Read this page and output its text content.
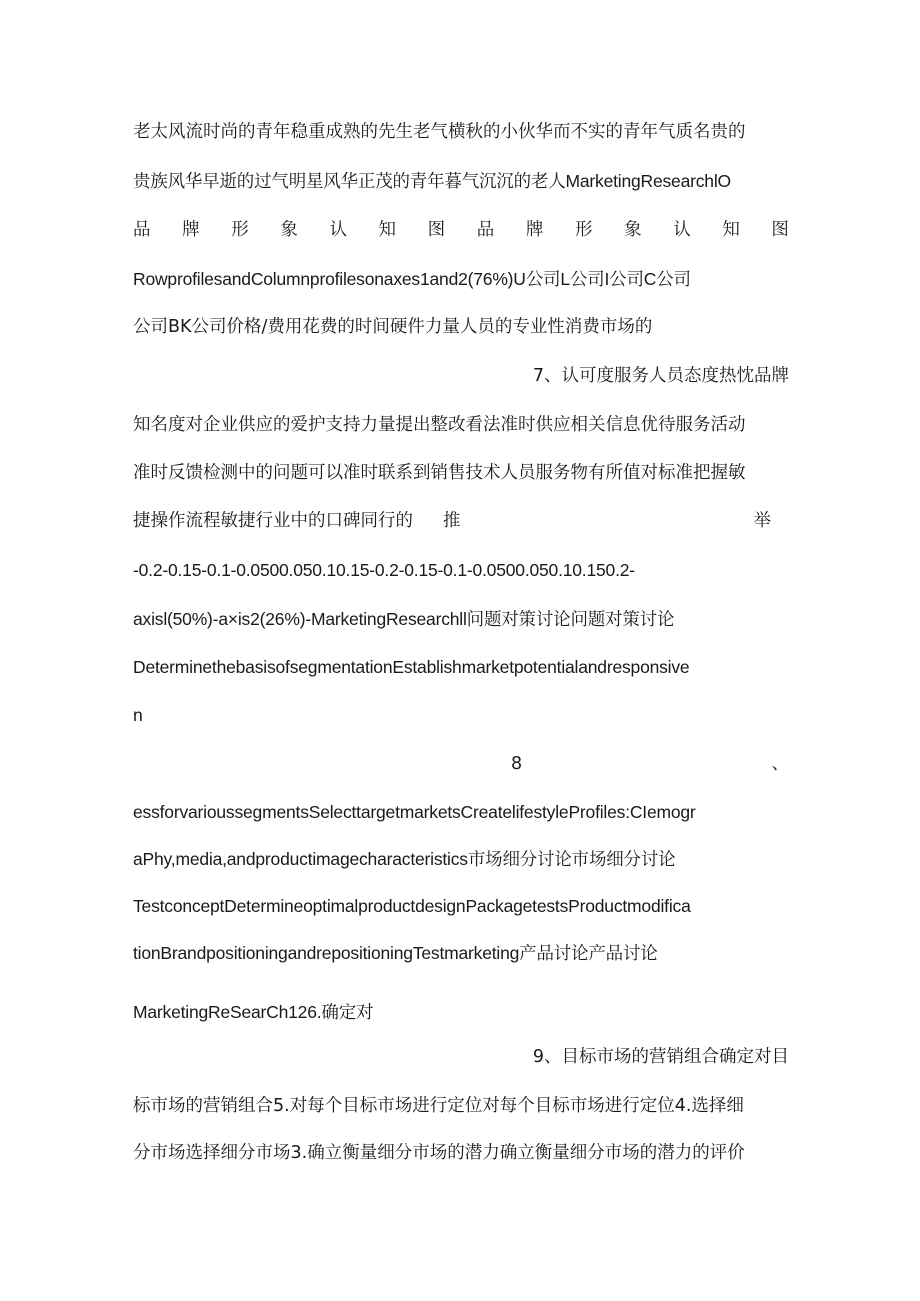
老太风流时尚的青年稳重成熟的先生老气横秋的小伙华而不实的青年气质名贵的
贵族风华早逝的过气明星风华正茂的青年暮气沉沉的老人MarketingResearchlO
品 牌 形 象 认 知 图 品 牌 形 象 认 知 图
RowprofilesandColumnprofilesonaxes1and2(76%)U公司L公司I公司C公司
公司BK公司价格/费用花费的时间硬件力量人员的专业性消费市场的
7、认可度服务人员态度热忱品牌
知名度对企业供应的爱护支持力量提出整改看法准时供应相关信息优待服务活动
准时反馈检测中的问题可以准时联系到销售技术人员服务物有所值对标准把握敏
捷操作流程敏捷行业中的口碑同行的 推	举
-0.2-0.15-0.1-0.0500.050.10.15-0.2-0.15-0.1-0.0500.050.10.150.2-
axisl(50%)-a×is2(26%)-MarketingResearchll问题对策讨论问题对策讨论
DeterminethebasisofsegmentationEstablishmarketpotentialandresponsive
n
8	、
essforvarioussegmentsSelecttargetmarketsCreatelifestyleProfiles:CIemogr
aPhy,media,andproductimagecharacteristics市场细分讨论市场细分讨论
TestconceptDetermineoptimalproductdesignPackagetestsProductmodifica
tionBrandpositioningandrepositioningTestmarketing产品讨论产品讨论
MarketingReSearCh126.确定对
9、目标市场的营销组合确定对目
标市场的营销组合5.对每个目标市场进行定位对每个目标市场进行定位4.选择细
分市场选择细分市场3.确立衡量细分市场的潜力确立衡量细分市场的潜力的评价
